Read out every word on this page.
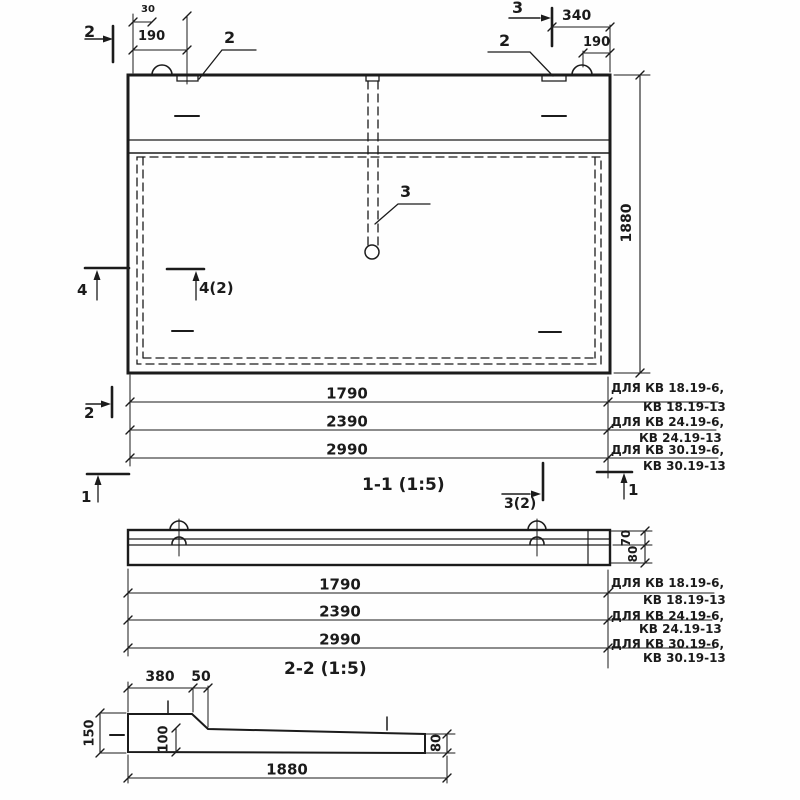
2
30
190	2
3	340
2	190
3
1880
4	4(2)
1790
2390
2990
ДЛЯ КВ 18.19-6,
КВ 18.19-13
ДЛЯ КВ 24.19-6,
КВ 24.19-13
ДЛЯ КВ 30.19-6,
КВ 30.19-13
2
1-1 (1:5)
3(2)
1	1
70
80
1790
2390
2990
ДЛЯ КВ 18.19-6,
КВ 18.19-13
ДЛЯ КВ 24.19-6,
КВ 24.19-13
ДЛЯ КВ 30.19-6,
КВ 30.19-13
2-2 (1:5)
380 50
150	100	80
1880
